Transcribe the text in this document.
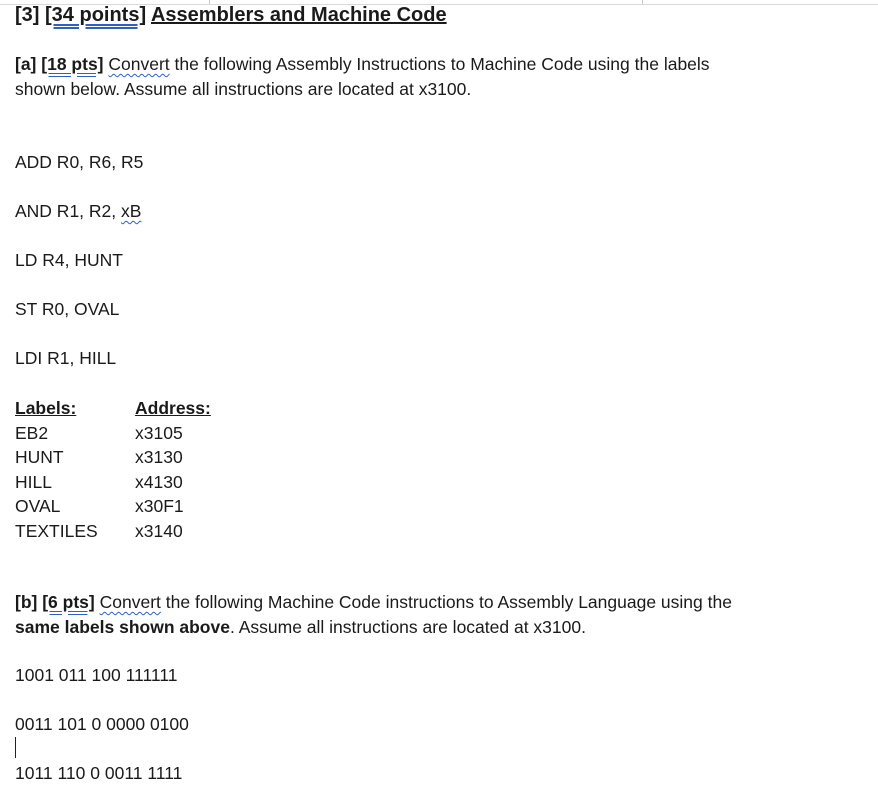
[3] [34 points] Assemblers and Machine Code
[a] [18 pts] Convert the following Assembly Instructions to Machine Code using the labels
shown below. Assume all instructions are located at x3100.
ADD R0, R6, R5
AND R1, R2, xB
LD R4, HUNT
ST R0, OVAL
LDI R1, HILL
Labels:
EB2
HUNT
HILL
OVAL
TEXTILES
Address:
x3105
x3130
x4130
x30F1
x3140
[b] [6 pts] Convert the following Machine Code instructions to Assembly Language using the
same labels shown above. Assume all instructions are located at x3100.
1001 011 100 111111
0011 101 0 0000 0100
1011 110 0 0011 1111
